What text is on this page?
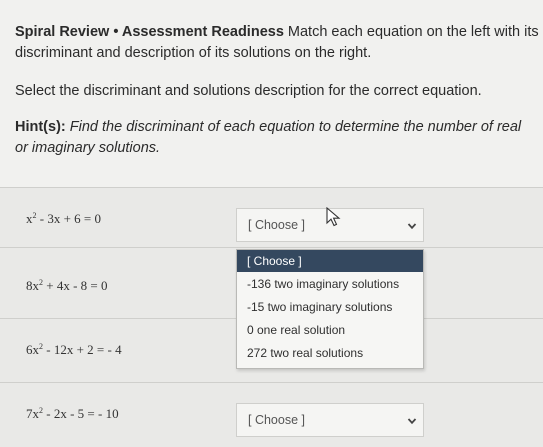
Spiral Review • Assessment Readiness Match each equation on the left with its discriminant and description of its solutions on the right.

Select the discriminant and solutions description for the correct equation.

Hint(s): Find the discriminant of each equation to determine the number of real or imaginary solutions.

$x^2 - 3x + 6 = 0$	[ Choose ]
$8x^2 + 4x - 8 = 0$
$6x^2 - 12x + 2$ = - 4
$7x^2 - 2x - 5$ = - 10	[ Choose ]
[ Choose ]
-136 two imaginary solutions
-15 two imaginary solutions
0 one real solution
272 two real solutions
